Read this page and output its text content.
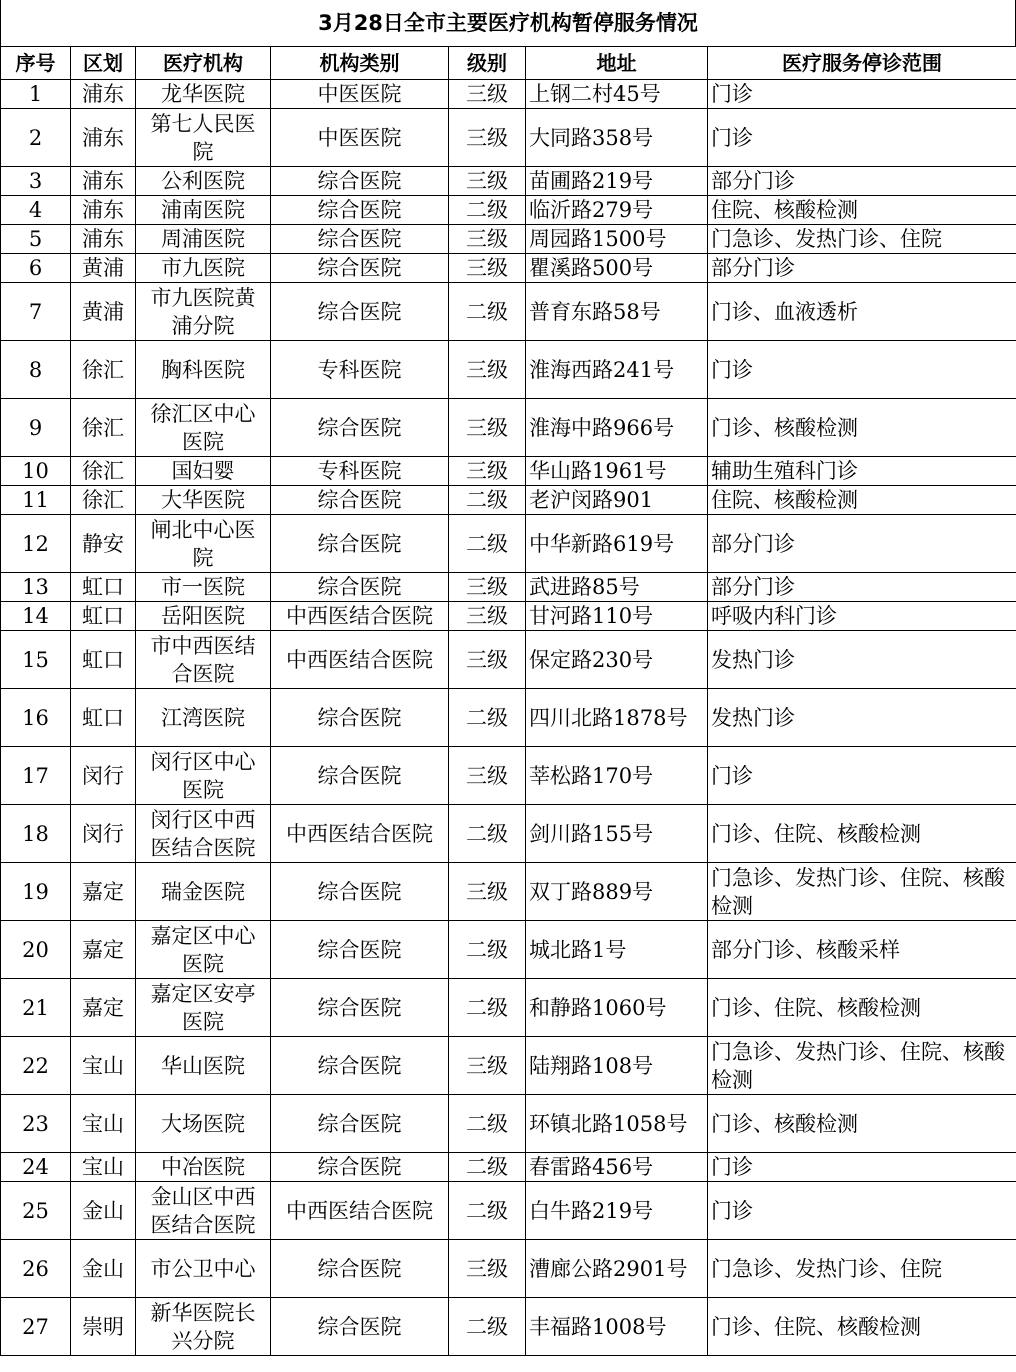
3月28日全市主要医疗机构暂停服务情况
序号	区划	医疗机构	机构类别	级别	地址	医疗服务停诊范围
1	浦东	龙华医院	中医医院	三级	上钢二村45号	门诊
2	浦东	第七人民医院	中医医院	三级	大同路358号	门诊
3	浦东	公利医院	综合医院	三级	苗圃路219号	部分门诊
4	浦东	浦南医院	综合医院	二级	临沂路279号	住院、核酸检测
5	浦东	周浦医院	综合医院	三级	周园路1500号	门急诊、发热门诊、住院
6	黄浦	市九医院	综合医院	三级	瞿溪路500号	部分门诊
7	黄浦	市九医院黄浦分院	综合医院	二级	普育东路58号	门诊、血液透析
8	徐汇	胸科医院	专科医院	三级	淮海西路241号	门诊
9	徐汇	徐汇区中心医院	综合医院	三级	淮海中路966号	门诊、核酸检测
10	徐汇	国妇婴	专科医院	三级	华山路1961号	辅助生殖科门诊
11	徐汇	大华医院	综合医院	二级	老沪闵路901	住院、核酸检测
12	静安	闸北中心医院	综合医院	二级	中华新路619号	部分门诊
13	虹口	市一医院	综合医院	三级	武进路85号	部分门诊
14	虹口	岳阳医院	中西医结合医院	三级	甘河路110号	呼吸内科门诊
15	虹口	市中西医结合医院	中西医结合医院	三级	保定路230号	发热门诊
16	虹口	江湾医院	综合医院	二级	四川北路1878号	发热门诊
17	闵行	闵行区中心医院	综合医院	三级	莘松路170号	门诊
18	闵行	闵行区中西医结合医院	中西医结合医院	二级	剑川路155号	门诊、住院、核酸检测
19	嘉定	瑞金医院	综合医院	三级	双丁路889号	门急诊、发热门诊、住院、核酸检测
20	嘉定	嘉定区中心医院	综合医院	二级	城北路1号	部分门诊、核酸采样
21	嘉定	嘉定区安亭医院	综合医院	二级	和静路1060号	门诊、住院、核酸检测
22	宝山	华山医院	综合医院	三级	陆翔路108号	门急诊、发热门诊、住院、核酸检测
23	宝山	大场医院	综合医院	二级	环镇北路1058号	门诊、核酸检测
24	宝山	中冶医院	综合医院	二级	春雷路456号	门诊
25	金山	金山区中西医结合医院	中西医结合医院	二级	白牛路219号	门诊
26	金山	市公卫中心	综合医院	三级	漕廊公路2901号	门急诊、发热门诊、住院
27	崇明	新华医院长兴分院	综合医院	二级	丰福路1008号	门诊、住院、核酸检测
